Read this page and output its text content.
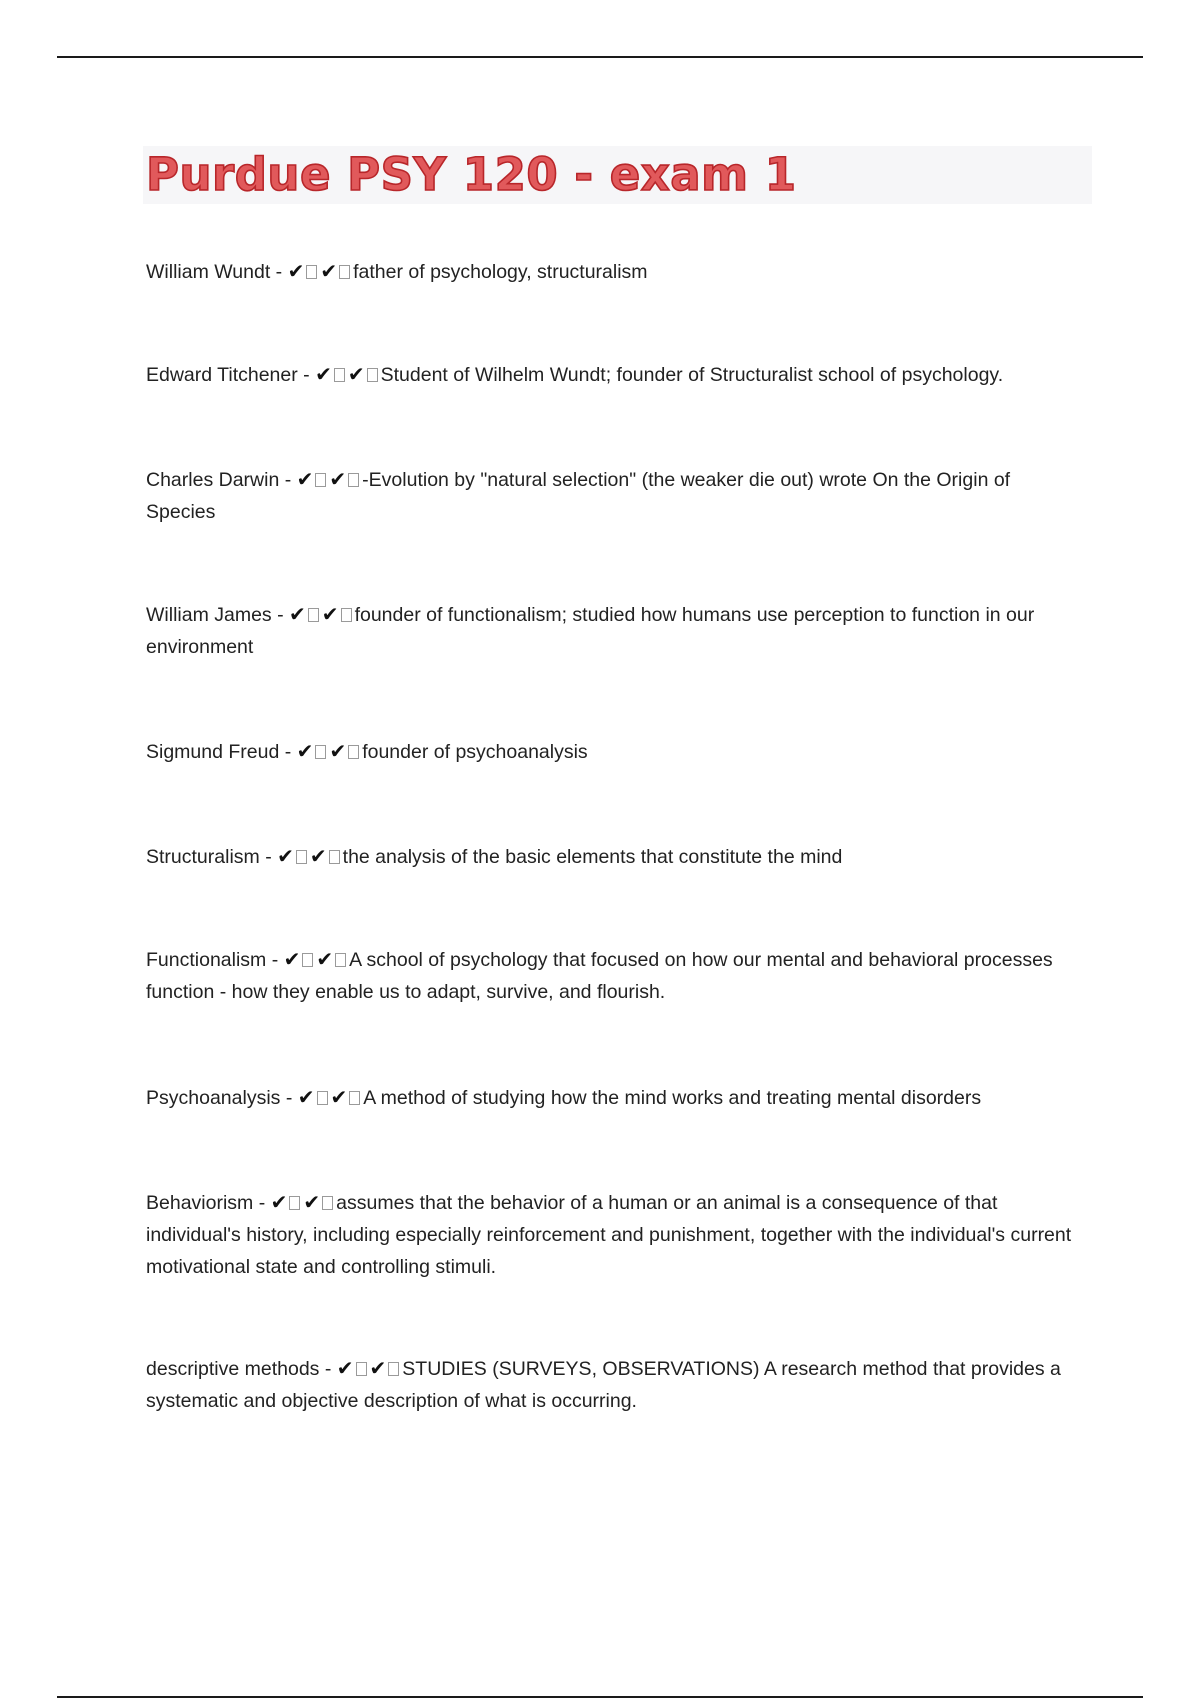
Purdue PSY 120 - exam 1
William Wundt - ✔ ✔ father of psychology, structuralism
Edward Titchener - ✔ ✔ Student of Wilhelm Wundt; founder of Structuralist school of psychology.
Charles Darwin - ✔ ✔ -Evolution by "natural selection" (the weaker die out) wrote On the Origin of Species
William James - ✔ ✔ founder of functionalism; studied how humans use perception to function in our environment
Sigmund Freud - ✔ ✔ founder of psychoanalysis
Structuralism - ✔ ✔ the analysis of the basic elements that constitute the mind
Functionalism - ✔ ✔ A school of psychology that focused on how our mental and behavioral processes function - how they enable us to adapt, survive, and flourish.
Psychoanalysis - ✔ ✔ A method of studying how the mind works and treating mental disorders
Behaviorism - ✔ ✔ assumes that the behavior of a human or an animal is a consequence of that individual's history, including especially reinforcement and punishment, together with the individual's current motivational state and controlling stimuli.
descriptive methods - ✔ ✔ STUDIES (SURVEYS, OBSERVATIONS) A research method that provides a systematic and objective description of what is occurring.
